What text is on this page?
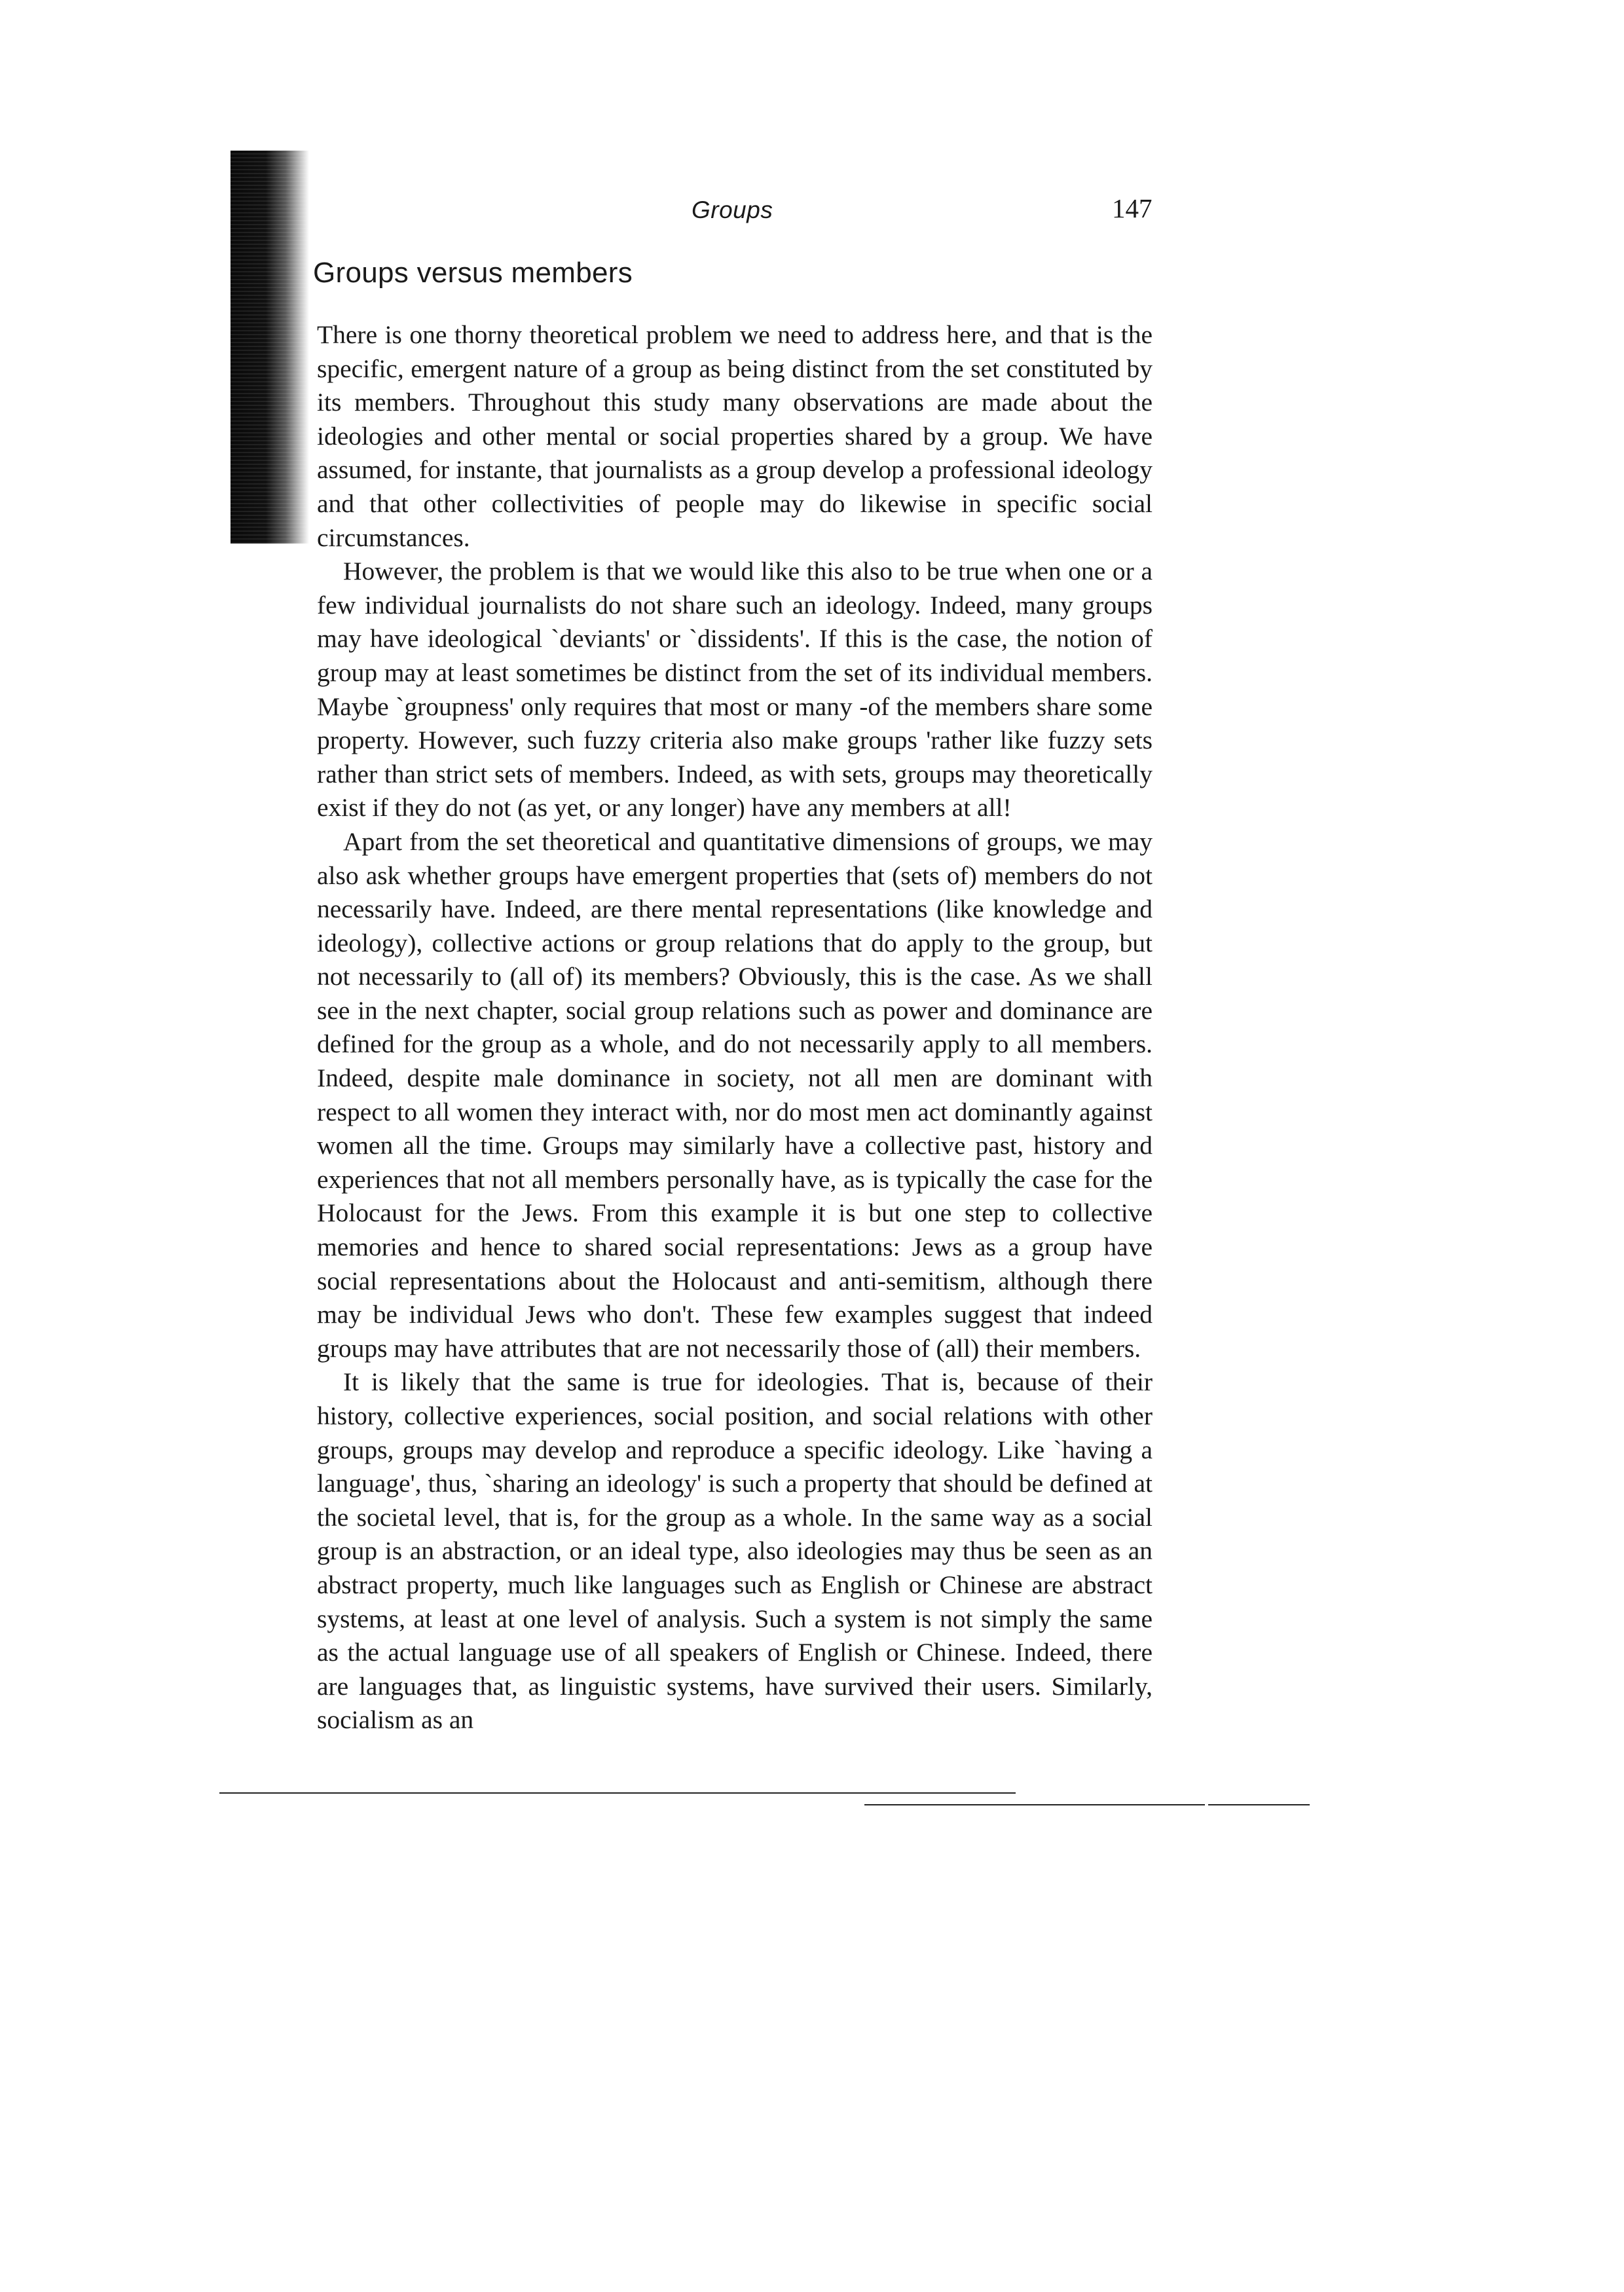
Groups	147
Groups versus members

There is one thorny theoretical problem we need to address here, and that is the specific, emergent nature of a group as being distinct from the set constituted by its members. Throughout this study many observations are made about the ideologies and other mental or social properties shared by a group. We have assumed, for instante, that journalists as a group develop a professional ideology and that other collectivities of people may do likewise in specific social circumstances.

However, the problem is that we would like this also to be true when one or a few individual journalists do not share such an ideology. Indeed, many groups may have ideological `deviants' or `dissidents'. If this is the case, the notion of group may at least sometimes be distinct from the set of its individual members. Maybe `groupness' only requires that most or many -of the members share some property. However, such fuzzy criteria also make groups 'rather like fuzzy sets rather than strict sets of members. Indeed, as with sets, groups may theoretically exist if they do not (as yet, or any longer) have any members at all!

Apart from the set theoretical and quantitative dimensions of groups, we may also ask whether groups have emergent properties that (sets of) members do not necessarily have. Indeed, are there mental representations (like knowledge and ideology), collective actions or group relations that do apply to the group, but not necessarily to (all of) its members? Obviously, this is the case. As we shall see in the next chapter, social group relations such as power and dominance are defined for the group as a whole, and do not necessarily apply to all members. Indeed, despite male dominance in society, not all men are dominant with respect to all women they interact with, nor do most men act dominantly against women all the time. Groups may similarly have a collective past, history and experiences that not all members personally have, as is typically the case for the Holocaust for the Jews. From this example it is but one step to collective memories and hence to shared social representations: Jews as a group have social representations about the Holocaust and anti-semitism, although there may be individual Jews who don't. These few examples suggest that indeed groups may have attributes that are not necessarily those of (all) their members.

It is likely that the same is true for ideologies. That is, because of their history, collective experiences, social position, and social relations with other groups, groups may develop and reproduce a specific ideology. Like `having a language', thus, `sharing an ideology' is such a property that should be defined at the societal level, that is, for the group as a whole. In the same way as a social group is an abstraction, or an ideal type, also ideologies may thus be seen as an abstract property, much like languages such as English or Chinese are abstract systems, at least at one level of analysis. Such a system is not simply the same as the actual language use of all speakers of English or Chinese. Indeed, there are languages that, as linguistic systems, have survived their users. Similarly, socialism as an
